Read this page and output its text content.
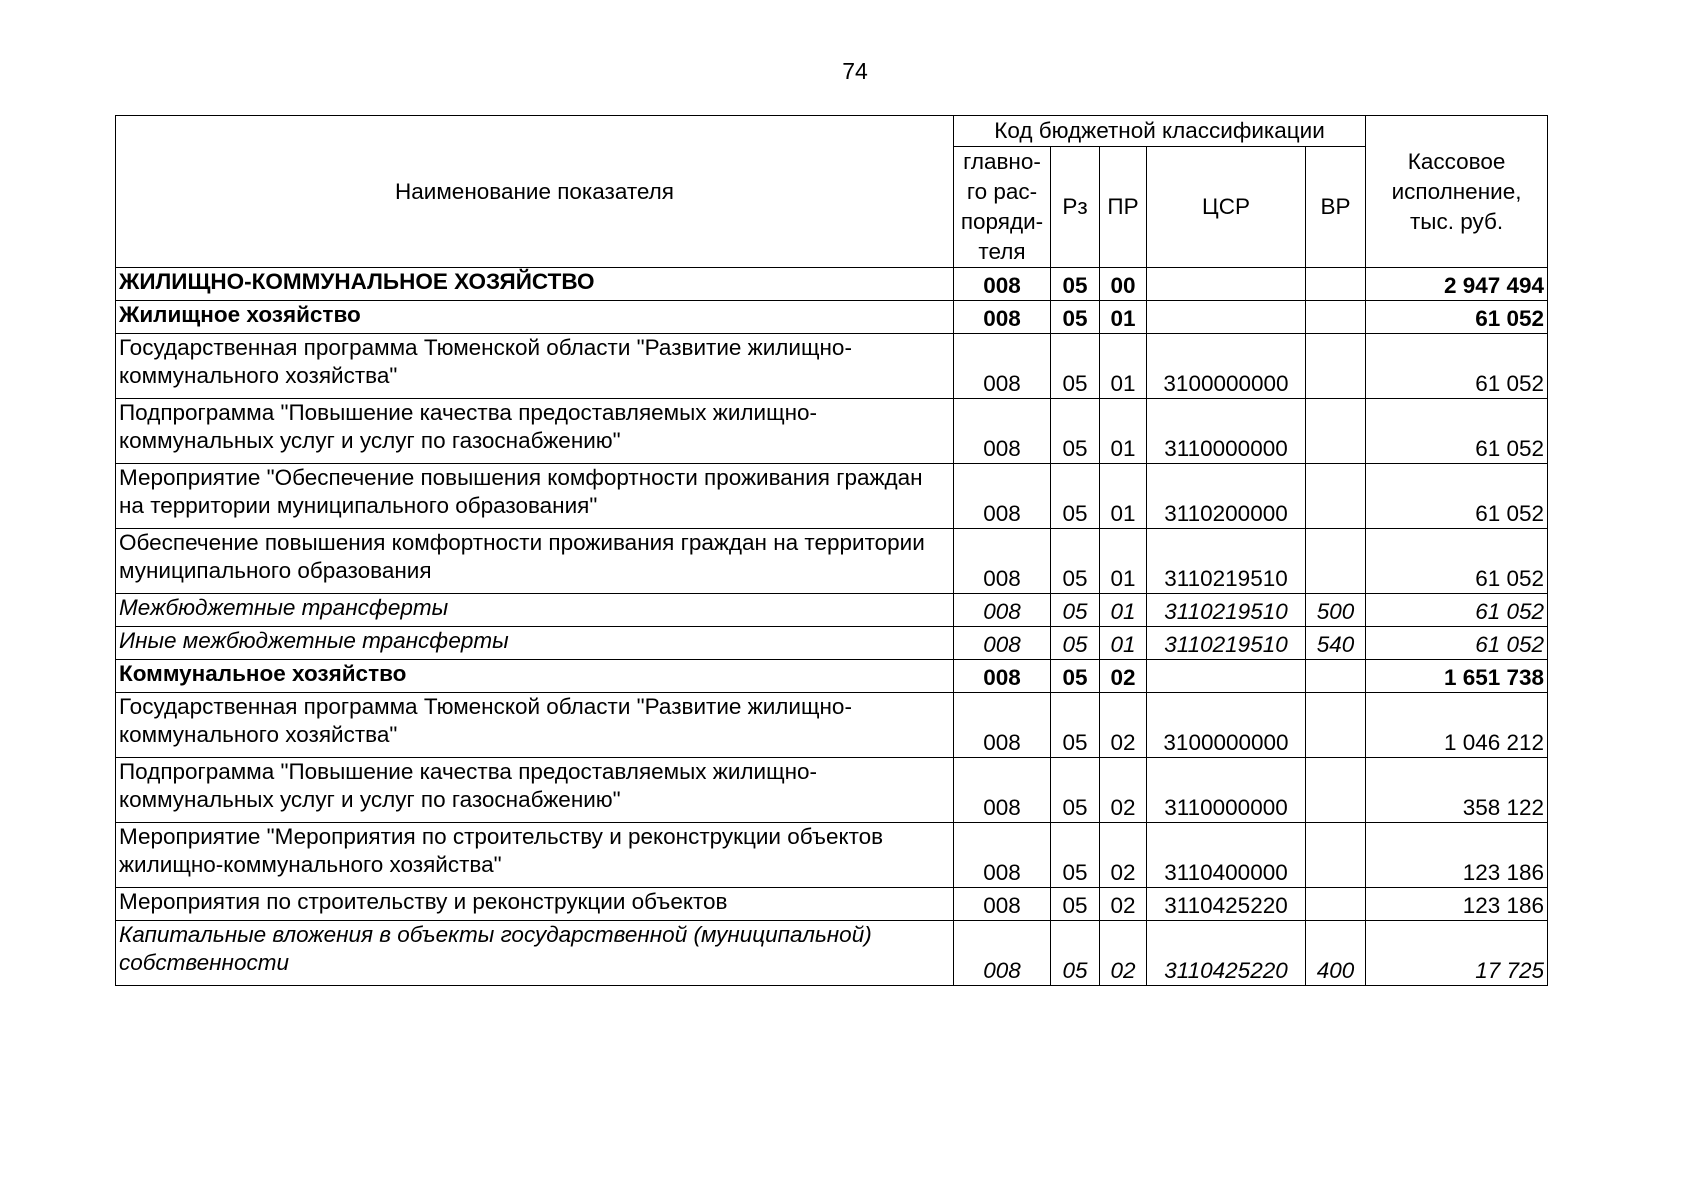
74
Наименование показателя	Код бюджетной классификации					Кассовое
исполнение,
тыс. руб.
	главно-
го рас-
поряди-
теля	Рз	ПР	ЦСР	ВР	
ЖИЛИЩНО-КОММУНАЛЬНОЕ ХОЗЯЙСТВО	008	05	00			2 947 494
Жилищное хозяйство	008	05	01			61 052
Государственная программа Тюменской области "Развитие жилищно-коммунального хозяйства"	008	05	01	3100000000		61 052
Подпрограмма "Повышение качества предоставляемых жилищно-коммунальных услуг и услуг по газоснабжению"	008	05	01	3110000000		61 052
Мероприятие "Обеспечение повышения комфортности проживания граждан на территории муниципального образования"	008	05	01	3110200000		61 052
Обеспечение повышения комфортности проживания граждан на территории муниципального образования	008	05	01	3110219510		61 052
Межбюджетные трансферты	008	05	01	3110219510	500	61 052
Иные межбюджетные трансферты	008	05	01	3110219510	540	61 052
Коммунальное хозяйство	008	05	02			1 651 738
Государственная программа Тюменской области "Развитие жилищно-коммунального хозяйства"	008	05	02	3100000000		1 046 212
Подпрограмма "Повышение качества предоставляемых жилищно-коммунальных услуг и услуг по газоснабжению"	008	05	02	3110000000		358 122
Мероприятие "Мероприятия по строительству и реконструкции объектов жилищно-коммунального хозяйства"	008	05	02	3110400000		123 186
Мероприятия по строительству и реконструкции объектов	008	05	02	3110425220		123 186
Капитальные вложения в объекты государственной (муниципальной) собственности	008	05	02	3110425220	400	17 725
